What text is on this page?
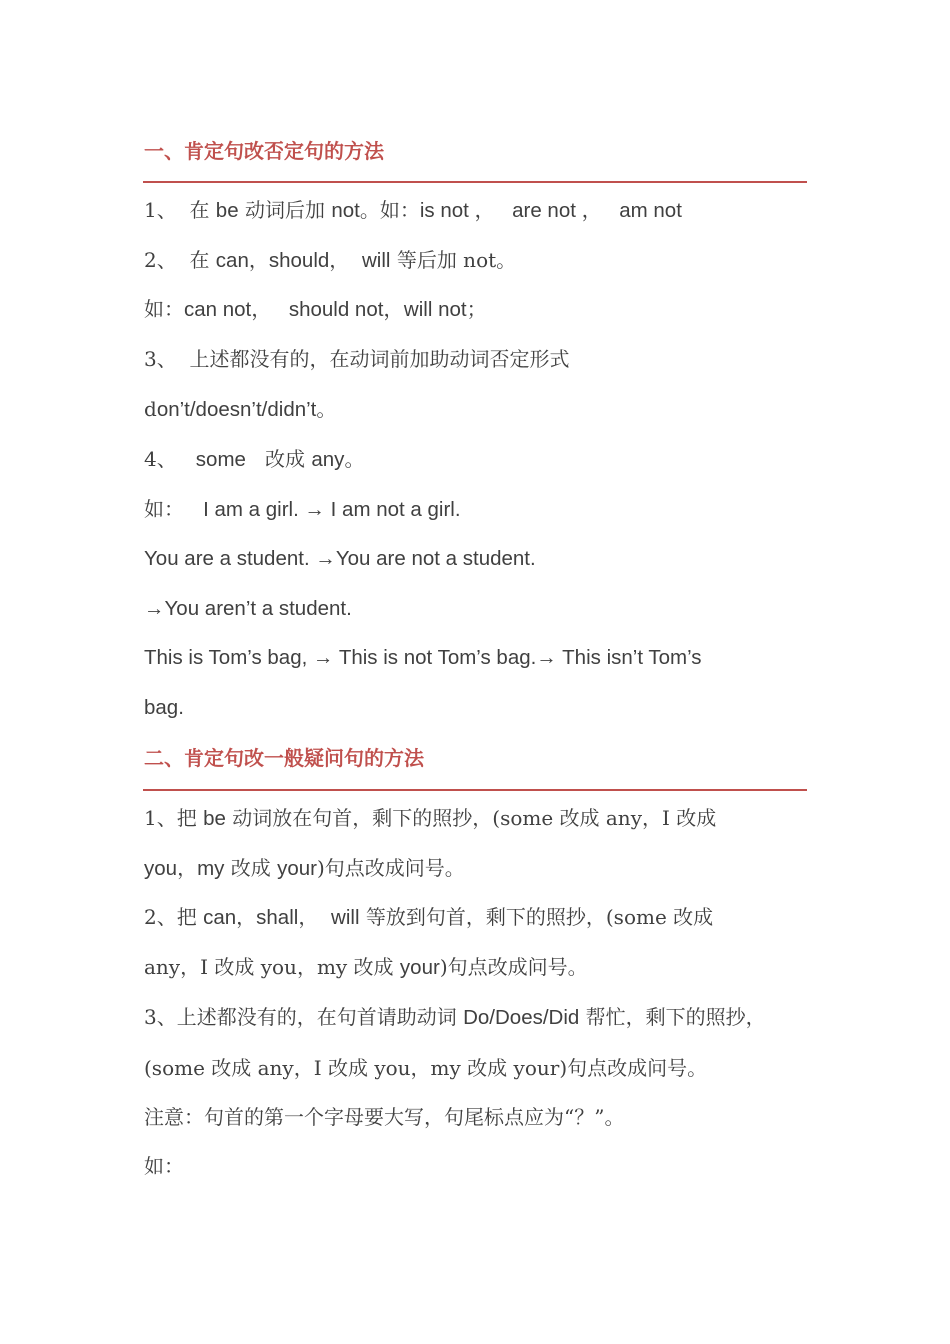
一、肯定句改否定句的方法
1、  在 be 动词后加 not。如：is not ，   are not ，   am not
2、  在 can，should，  will 等后加 not。
如：can not，   should not，will not；
3、  上述都没有的，在动词前加助动词否定形式
don’t/doesn’t/didn’t。
4、   some   改成 any。
如：   I am a girl. → I am not a girl.
You are a student. →You are not a student.
→You aren’t a student.
This is Tom’s bag, → This is not Tom’s bag.→ This isn’t Tom’s
bag.
二、肯定句改一般疑问句的方法
1、把 be 动词放在句首，剩下的照抄，(some 改成 any，I 改成
you，my 改成 your)句点改成问号。
2、把 can，shall，  will 等放到句首，剩下的照抄，(some 改成
any，I 改成 you，my 改成 your)句点改成问号。
3、上述都没有的，在句首请助动词 Do/Does/Did 帮忙，剩下的照抄，
(some 改成 any，I 改成 you，my 改成 your)句点改成问号。
注意：句首的第一个字母要大写，句尾标点应为“？”。
如：
